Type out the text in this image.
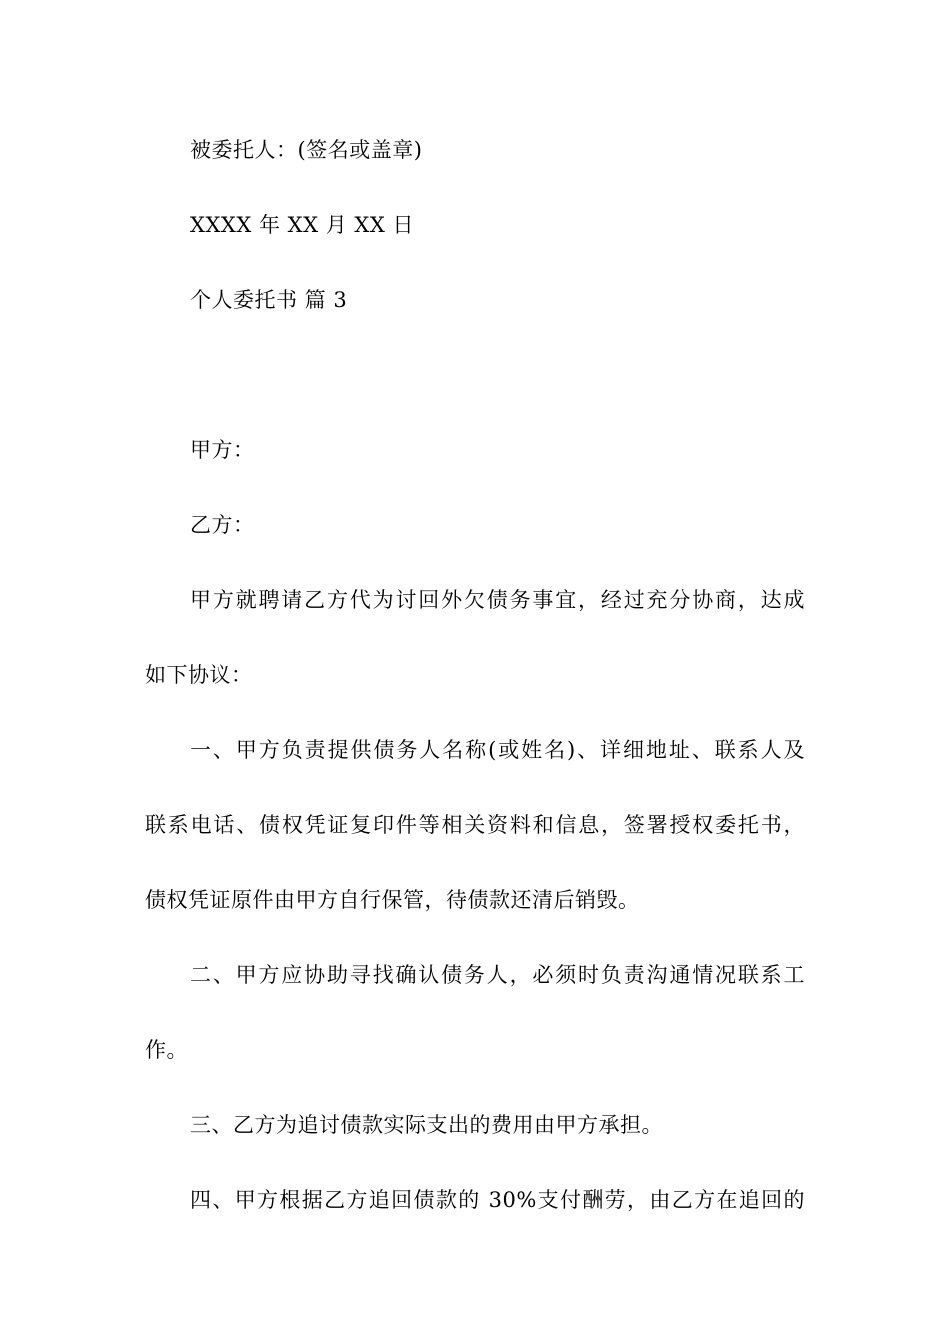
被委托人：(签名或盖章)
XXXX 年 XX 月 XX 日
个人委托书 篇 3
甲方：
乙方：
甲方就聘请乙方代为讨回外欠债务事宜，经过充分协商，达成
如下协议：
一、甲方负责提供债务人名称(或姓名)、详细地址、联系人及
联系电话、债权凭证复印件等相关资料和信息，签署授权委托书，
债权凭证原件由甲方自行保管，待债款还清后销毁。
二、甲方应协助寻找确认债务人，必须时负责沟通情况联系工
作。
三、乙方为追讨债款实际支出的费用由甲方承担。
四、甲方根据乙方追回债款的 30%支付酬劳，由乙方在追回的
